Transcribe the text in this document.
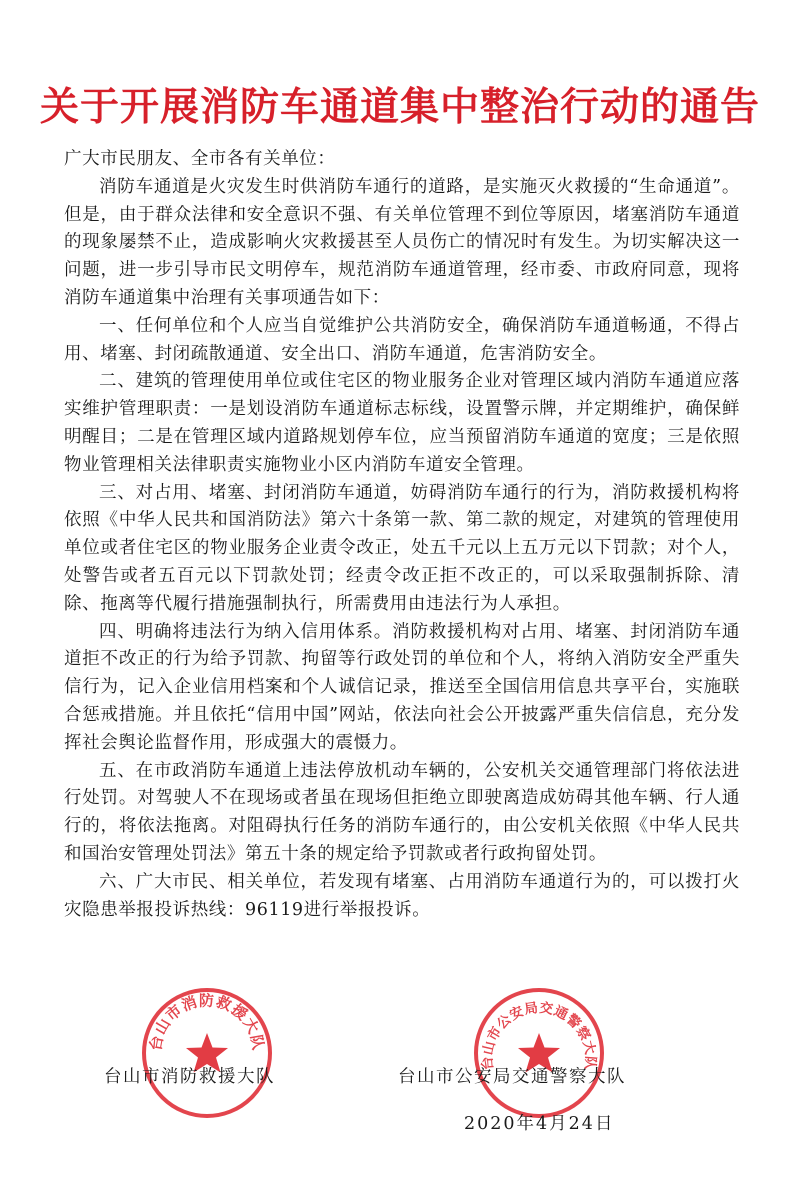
关于开展消防车通道集中整治行动的通告

广大市民朋友、全市各有关单位：

消防车通道是火灾发生时供消防车通行的道路，是实施灭火救援的“生命通道”。但是，由于群众法律和安全意识不强、有关单位管理不到位等原因，堵塞消防车通道的现象屡禁不止，造成影响火灾救援甚至人员伤亡的情况时有发生。为切实解决这一问题，进一步引导市民文明停车，规范消防车通道管理，经市委、市政府同意，现将消防车通道集中治理有关事项通告如下：

一、任何单位和个人应当自觉维护公共消防安全，确保消防车通道畅通，不得占用、堵塞、封闭疏散通道、安全出口、消防车通道，危害消防安全。

二、建筑的管理使用单位或住宅区的物业服务企业对管理区域内消防车通道应落实维护管理职责：一是划设消防车通道标志标线，设置警示牌，并定期维护，确保鲜明醒目；二是在管理区域内道路规划停车位，应当预留消防车通道的宽度；三是依照物业管理相关法律职责实施物业小区内消防车道安全管理。

三、对占用、堵塞、封闭消防车通道，妨碍消防车通行的行为，消防救援机构将依照《中华人民共和国消防法》第六十条第一款、第二款的规定，对建筑的管理使用单位或者住宅区的物业服务企业责令改正，处五千元以上五万元以下罚款；对个人，处警告或者五百元以下罚款处罚；经责令改正拒不改正的，可以采取强制拆除、清除、拖离等代履行措施强制执行，所需费用由违法行为人承担。

四、明确将违法行为纳入信用体系。消防救援机构对占用、堵塞、封闭消防车通道拒不改正的行为给予罚款、拘留等行政处罚的单位和个人，将纳入消防安全严重失信行为，记入企业信用档案和个人诚信记录，推送至全国信用信息共享平台，实施联合惩戒措施。并且依托“信用中国”网站，依法向社会公开披露严重失信信息，充分发挥社会舆论监督作用，形成强大的震慑力。

五、在市政消防车通道上违法停放机动车辆的，公安机关交通管理部门将依法进行处罚。对驾驶人不在现场或者虽在现场但拒绝立即驶离造成妨碍其他车辆、行人通行的，将依法拖离。对阻碍执行任务的消防车通行的，由公安机关依照《中华人民共和国治安管理处罚法》第五十条的规定给予罚款或者行政拘留处罚。

六、广大市民、相关单位，若发现有堵塞、占用消防车通道行为的，可以拨打火灾隐患举报投诉热线：96119进行举报投诉。

台山市消防救援大队
台山市公安局交通警察大队
台山市消防救援大队	台山市公安局交通警察大队
2020年4月24日
